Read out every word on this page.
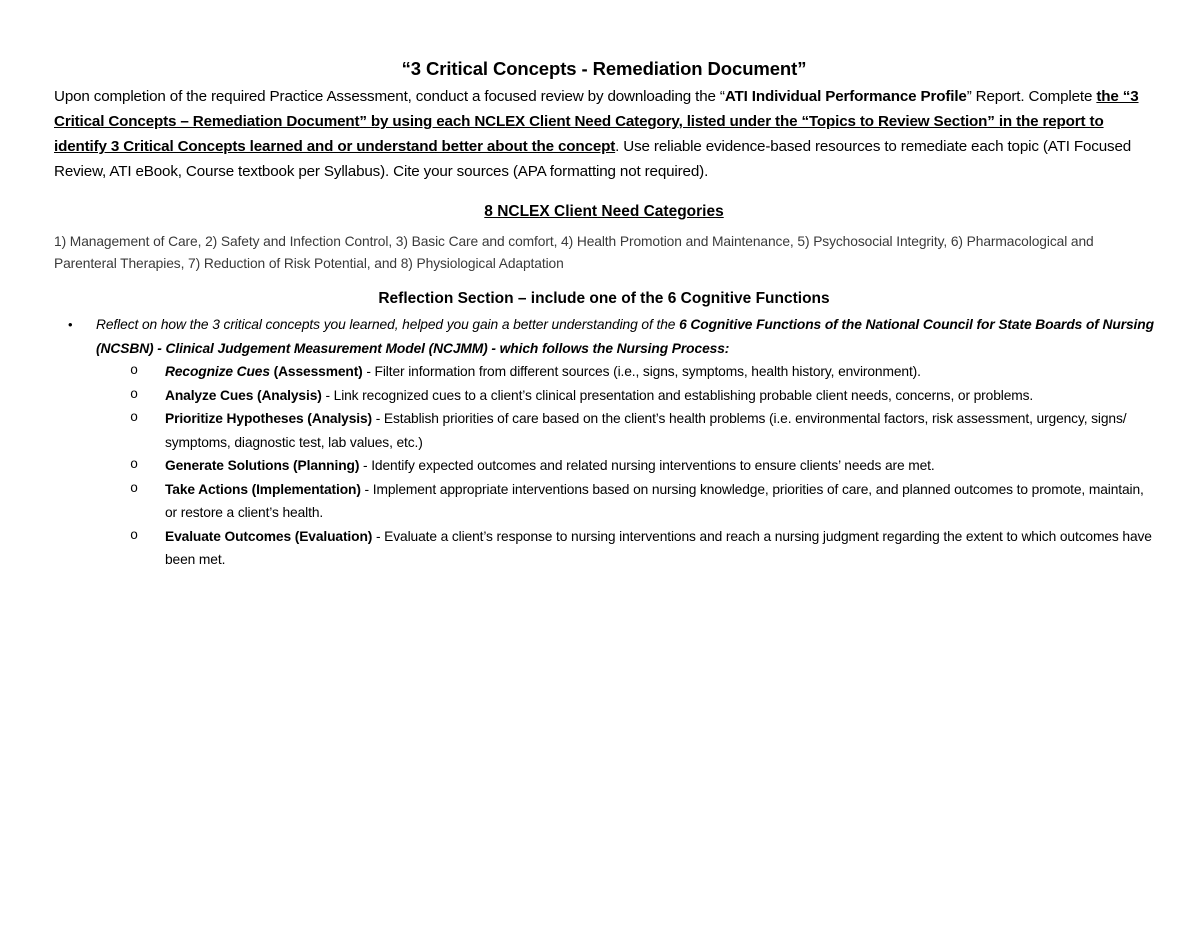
“3 Critical Concepts - Remediation Document”

Upon completion of the required Practice Assessment, conduct a focused review by downloading the “ATI Individual Performance Profile” Report. Complete the “3 Critical Concepts – Remediation Document” by using each NCLEX Client Need Category, listed under the “Topics to Review Section” in the report to identify 3 Critical Concepts learned and or understand better about the concept. Use reliable evidence-based resources to remediate each topic (ATI Focused Review, ATI eBook, Course textbook per Syllabus). Cite your sources (APA formatting not required).

8 NCLEX Client Need Categories

1) Management of Care, 2) Safety and Infection Control, 3) Basic Care and comfort, 4) Health Promotion and Maintenance, 5) Psychosocial Integrity, 6) Pharmacological and Parenteral Therapies, 7) Reduction of Risk Potential, and 8) Physiological Adaptation

Reflection Section – include one of the 6 Cognitive Functions
• Reflect on how the 3 critical concepts you learned, helped you gain a better understanding of the 6 Cognitive Functions of the National Council for State Boards of Nursing (NCSBN) - Clinical Judgement Measurement Model (NCJMM) - which follows the Nursing Process:
o Recognize Cues (Assessment) - Filter information from different sources (i.e., signs, symptoms, health history, environment).
o Analyze Cues (Analysis) - Link recognized cues to a client’s clinical presentation and establishing probable client needs, concerns, or problems.
o Prioritize Hypotheses (Analysis) - Establish priorities of care based on the client’s health problems (i.e. environmental factors, risk assessment, urgency, signs/ symptoms, diagnostic test, lab values, etc.)
o Generate Solutions (Planning) - Identify expected outcomes and related nursing interventions to ensure clients’ needs are met.
o Take Actions (Implementation) - Implement appropriate interventions based on nursing knowledge, priorities of care, and planned outcomes to promote, maintain, or restore a client’s health.
o Evaluate Outcomes (Evaluation) - Evaluate a client’s response to nursing interventions and reach a nursing judgment regarding the extent to which outcomes have been met.
